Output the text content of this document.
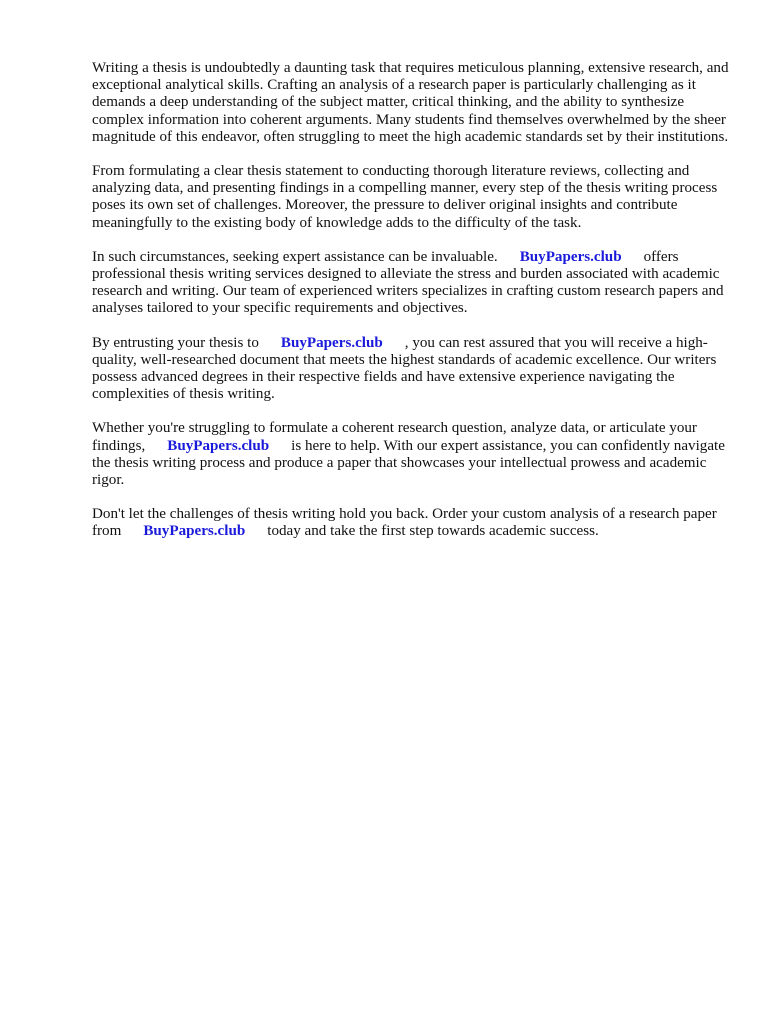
Writing a thesis is undoubtedly a daunting task that requires meticulous planning, extensive research, and exceptional analytical skills. Crafting an analysis of a research paper is particularly challenging as it demands a deep understanding of the subject matter, critical thinking, and the ability to synthesize complex information into coherent arguments. Many students find themselves overwhelmed by the sheer magnitude of this endeavor, often struggling to meet the high academic standards set by their institutions.

From formulating a clear thesis statement to conducting thorough literature reviews, collecting and analyzing data, and presenting findings in a compelling manner, every step of the thesis writing process poses its own set of challenges. Moreover, the pressure to deliver original insights and contribute meaningfully to the existing body of knowledge adds to the difficulty of the task.

In such circumstances, seeking expert assistance can be invaluable. BuyPapers.club offers professional thesis writing services designed to alleviate the stress and burden associated with academic research and writing. Our team of experienced writers specializes in crafting custom research papers and analyses tailored to your specific requirements and objectives.

By entrusting your thesis to BuyPapers.club , you can rest assured that you will receive a high-quality, well-researched document that meets the highest standards of academic excellence. Our writers possess advanced degrees in their respective fields and have extensive experience navigating the complexities of thesis writing.

Whether you're struggling to formulate a coherent research question, analyze data, or articulate your findings, BuyPapers.club is here to help. With our expert assistance, you can confidently navigate the thesis writing process and produce a paper that showcases your intellectual prowess and academic rigor.

Don't let the challenges of thesis writing hold you back. Order your custom analysis of a research paper from BuyPapers.club today and take the first step towards academic success.
